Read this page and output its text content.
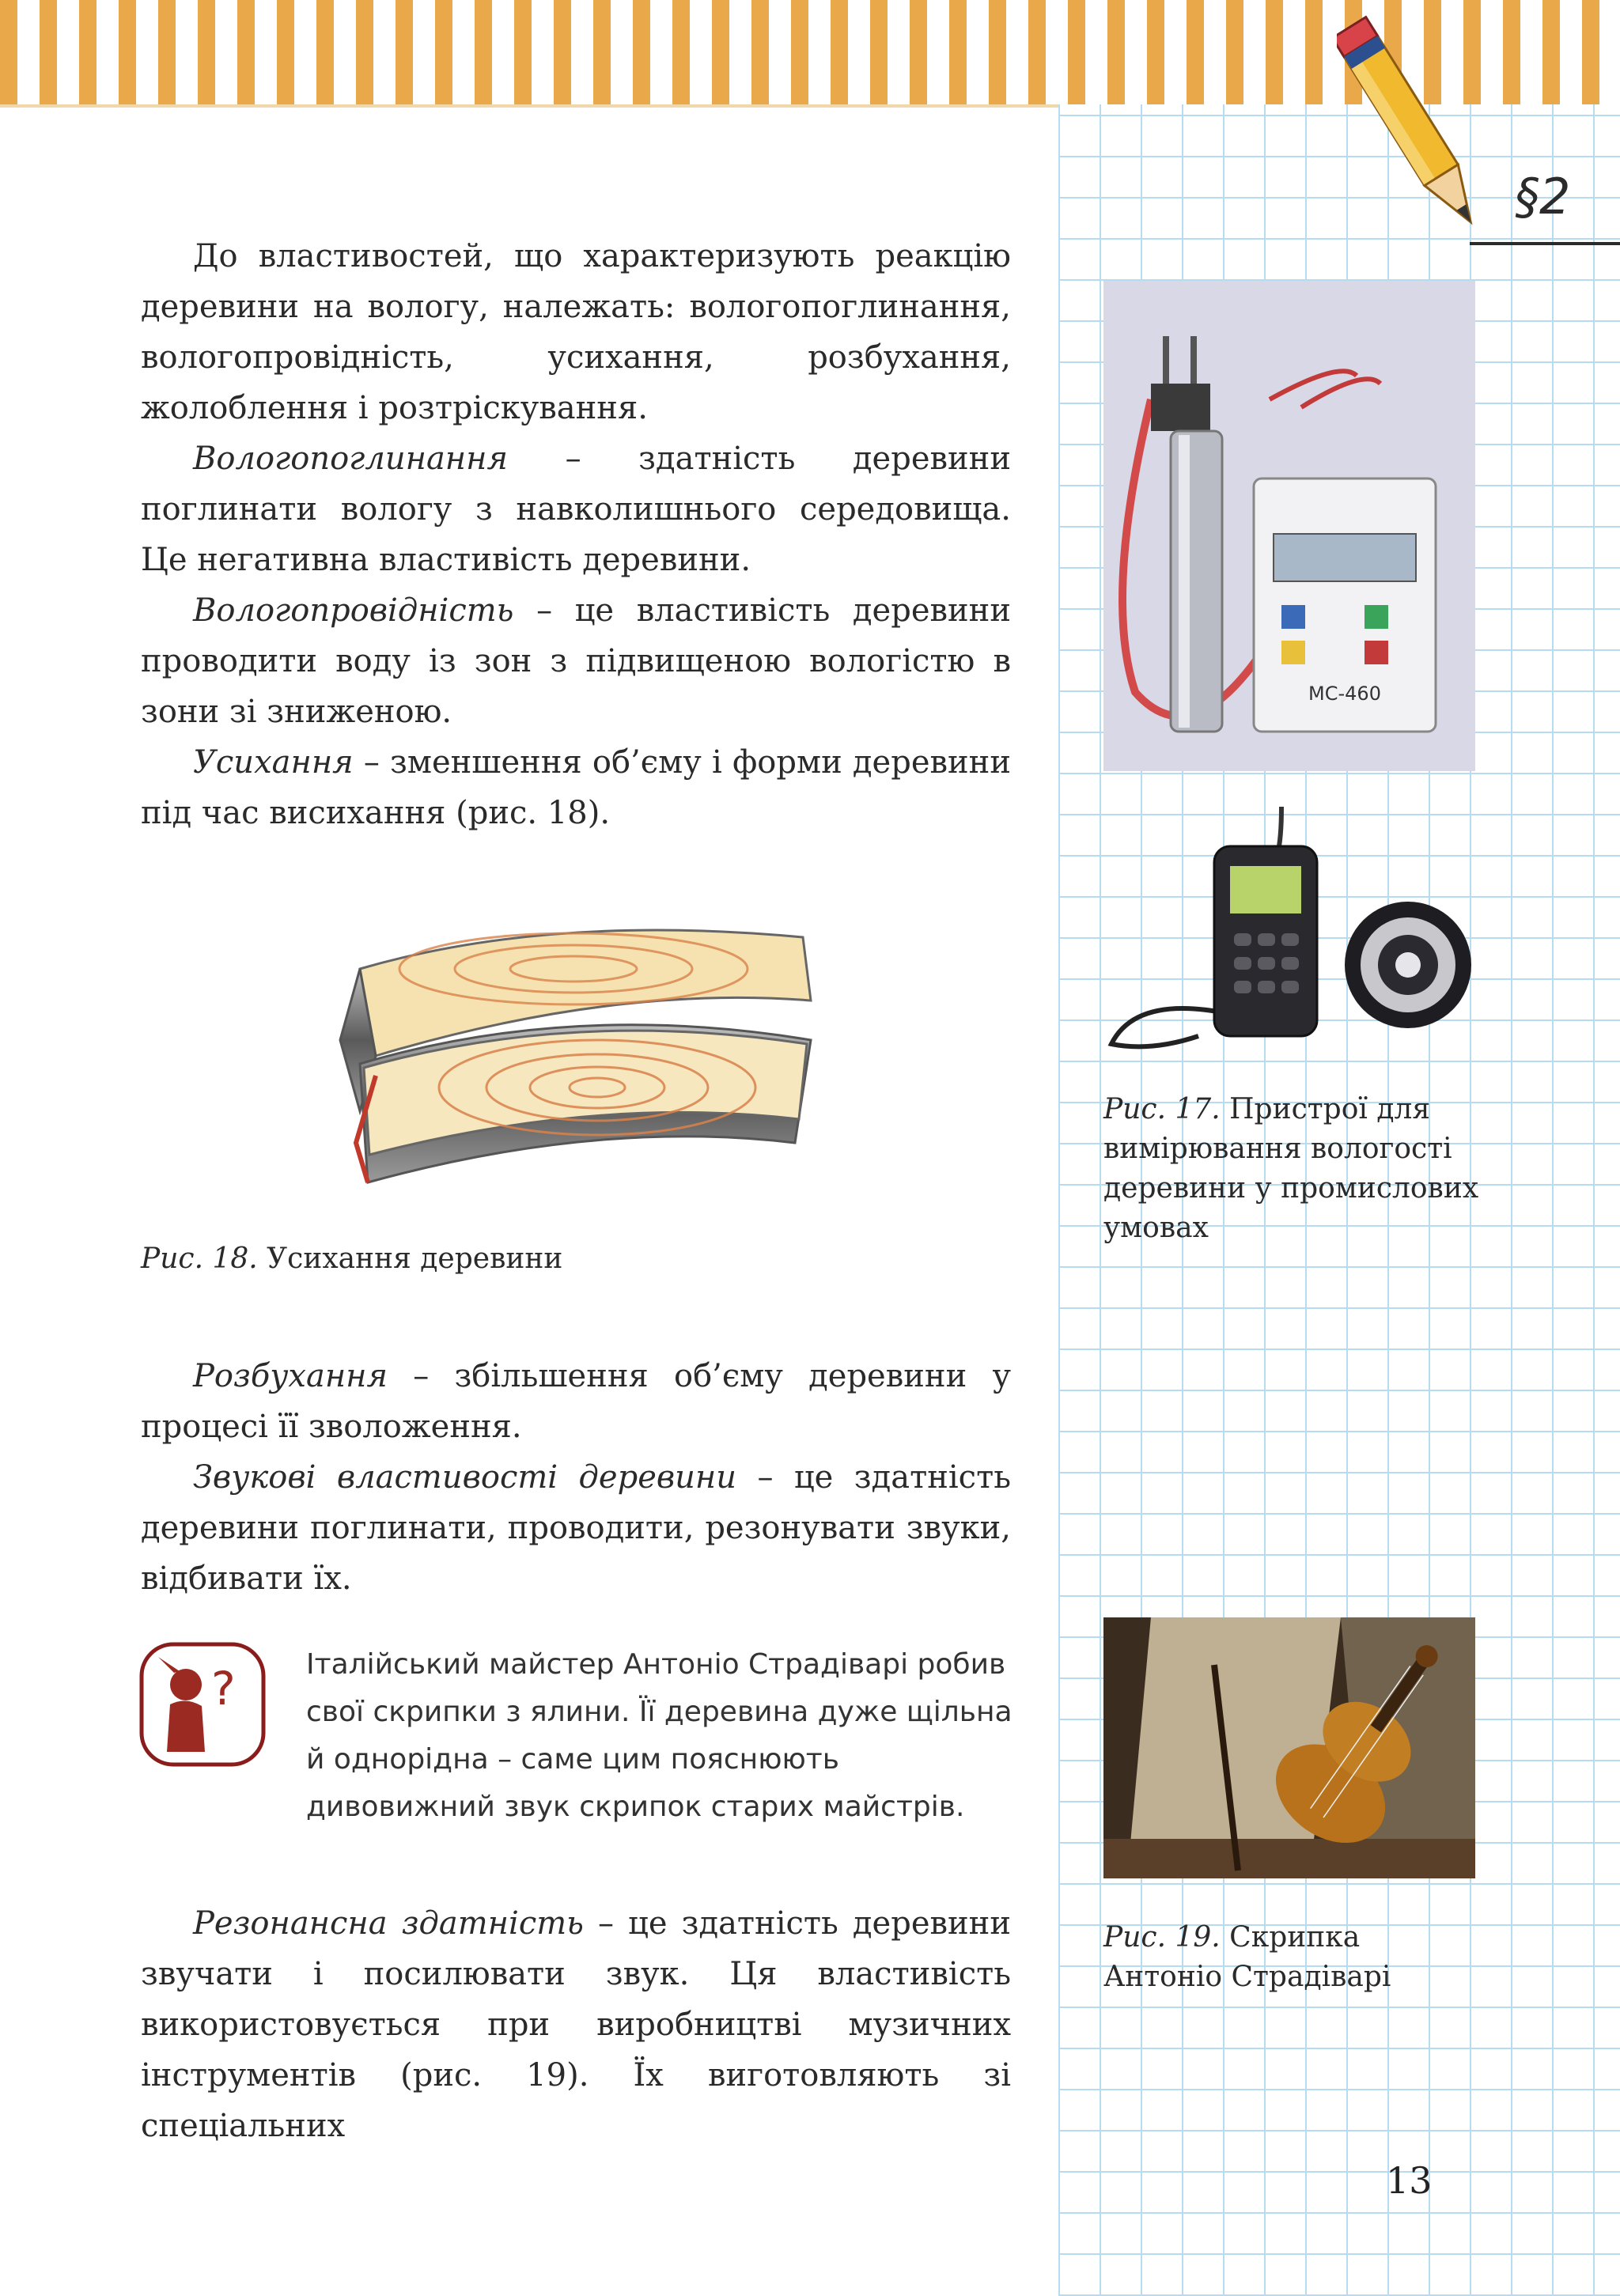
§2

До властивостей, що характеризують реакцію деревини на вологу, належать: вологопоглинання, вологопровідність, усихання, розбухання, жолоблення і розтріскування.

Вологопоглинання – здатність деревини поглинати вологу з навколишнього середовища. Це негативна властивість деревини.

Вологопровідність – це властивість деревини проводити воду із зон з підвищеною вологістю в зони зі зниженою.

Усихання – зменшення об’єму і форми деревини під час висихання (рис. 18).

Рис. 18. Усихання деревини

Розбухання – збільшення об’єму деревини у процесі її зволоження.

Звукові властивості деревини – це здатність деревини поглинати, проводити, резонувати звуки, відбивати їх.

? Італійський майстер Антоніо Страдіварі робив свої скрипки з ялини. Її деревина дуже щільна й однорідна – саме цим пояснюють дивовижний звук скрипок старих майстрів.

Резонансна здатність – це здатність деревини звучати і посилювати звук. Ця властивість використовується при виробництві музичних інструментів (рис. 19). Їх виготовляють зі спеціальних

MC-460
Рис. 17. Пристрої для вимірювання вологості деревини у промислових умовах
Рис. 19. Скрипка Антоніо Страдіварі
13
